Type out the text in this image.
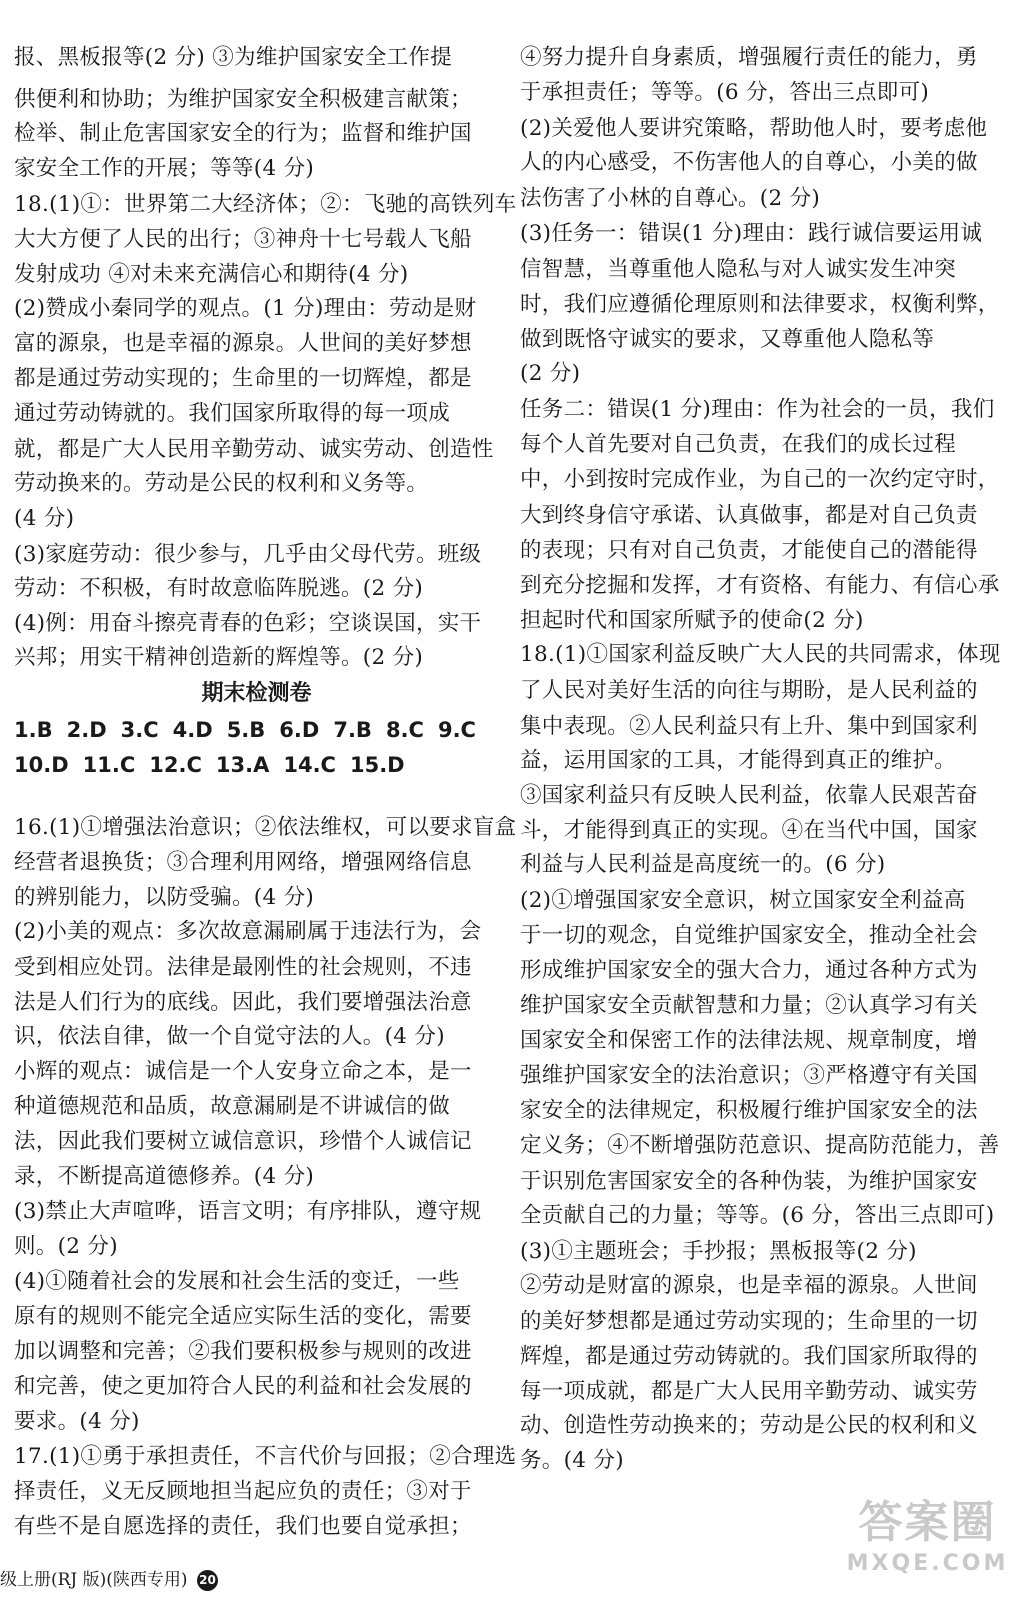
报、黑板报等(2 分) ③为维护国家安全工作提
供便利和协助；为维护国家安全积极建言献策；
检举、制止危害国家安全的行为；监督和维护国
家安全工作的开展；等等(4 分)
18.(1)①：世界第二大经济体；②：飞驰的高铁列车
大大方便了人民的出行；③神舟十七号载人飞船
发射成功 ④对未来充满信心和期待(4 分)
(2)赞成小秦同学的观点。(1 分)理由：劳动是财
富的源泉，也是幸福的源泉。人世间的美好梦想
都是通过劳动实现的；生命里的一切辉煌，都是
通过劳动铸就的。我们国家所取得的每一项成
就，都是广大人民用辛勤劳动、诚实劳动、创造性
劳动换来的。劳动是公民的权利和义务等。
(4 分)
(3)家庭劳动：很少参与，几乎由父母代劳。班级
劳动：不积极，有时故意临阵脱逃。(2 分)
(4)例：用奋斗擦亮青春的色彩；空谈误国，实干
兴邦；用实干精神创造新的辉煌等。(2 分)
16.(1)①增强法治意识；②依法维权，可以要求盲盒
经营者退换货；③合理利用网络，增强网络信息
的辨别能力，以防受骗。(4 分)
(2)小美的观点：多次故意漏刷属于违法行为，会
受到相应处罚。法律是最刚性的社会规则，不违
法是人们行为的底线。因此，我们要增强法治意
识，依法自律，做一个自觉守法的人。(4 分)
小辉的观点：诚信是一个人安身立命之本，是一
种道德规范和品质，故意漏刷是不讲诚信的做
法，因此我们要树立诚信意识，珍惜个人诚信记
录，不断提高道德修养。(4 分)
(3)禁止大声喧哗，语言文明；有序排队，遵守规
则。(2 分)
(4)①随着社会的发展和社会生活的变迁，一些
原有的规则不能完全适应实际生活的变化，需要
加以调整和完善；②我们要积极参与规则的改进
和完善，使之更加符合人民的利益和社会发展的
要求。(4 分)
17.(1)①勇于承担责任，不言代价与回报；②合理选
择责任，义无反顾地担当起应负的责任；③对于
有些不是自愿选择的责任，我们也要自觉承担；
期末检测卷
1.B 2.D 3.C 4.D 5.B 6.D 7.B 8.C 9.C
10.D 11.C 12.C 13.A 14.C 15.D
④努力提升自身素质，增强履行责任的能力，勇
于承担责任；等等。(6 分，答出三点即可)
(2)关爱他人要讲究策略，帮助他人时，要考虑他
人的内心感受，不伤害他人的自尊心，小美的做
法伤害了小林的自尊心。(2 分)
(3)任务一：错误(1 分)理由：践行诚信要运用诚
信智慧，当尊重他人隐私与对人诚实发生冲突
时，我们应遵循伦理原则和法律要求，权衡利弊，
做到既恪守诚实的要求，又尊重他人隐私等
(2 分)
任务二：错误(1 分)理由：作为社会的一员，我们
每个人首先要对自己负责，在我们的成长过程
中，小到按时完成作业，为自己的一次约定守时，
大到终身信守承诺、认真做事，都是对自己负责
的表现；只有对自己负责，才能使自己的潜能得
到充分挖掘和发挥，才有资格、有能力、有信心承
担起时代和国家所赋予的使命(2 分)
18.(1)①国家利益反映广大人民的共同需求，体现
了人民对美好生活的向往与期盼，是人民利益的
集中表现。②人民利益只有上升、集中到国家利
益，运用国家的工具，才能得到真正的维护。
③国家利益只有反映人民利益，依靠人民艰苦奋
斗，才能得到真正的实现。④在当代中国，国家
利益与人民利益是高度统一的。(6 分)
(2)①增强国家安全意识，树立国家安全利益高
于一切的观念，自觉维护国家安全，推动全社会
形成维护国家安全的强大合力，通过各种方式为
维护国家安全贡献智慧和力量；②认真学习有关
国家安全和保密工作的法律法规、规章制度，增
强维护国家安全的法治意识；③严格遵守有关国
家安全的法律规定，积极履行维护国家安全的法
定义务；④不断增强防范意识、提高防范能力，善
于识别危害国家安全的各种伪装，为维护国家安
全贡献自己的力量；等等。(6 分，答出三点即可)
(3)①主题班会；手抄报；黑板报等(2 分)
②劳动是财富的源泉，也是幸福的源泉。人世间
的美好梦想都是通过劳动实现的；生命里的一切
辉煌，都是通过劳动铸就的。我们国家所取得的
每一项成就，都是广大人民用辛勤劳动、诚实劳
动、创造性劳动换来的；劳动是公民的权利和义
务。(4 分)
级上册(RJ 版)(陕西专用) 20
答案圈
MXQE.COM
